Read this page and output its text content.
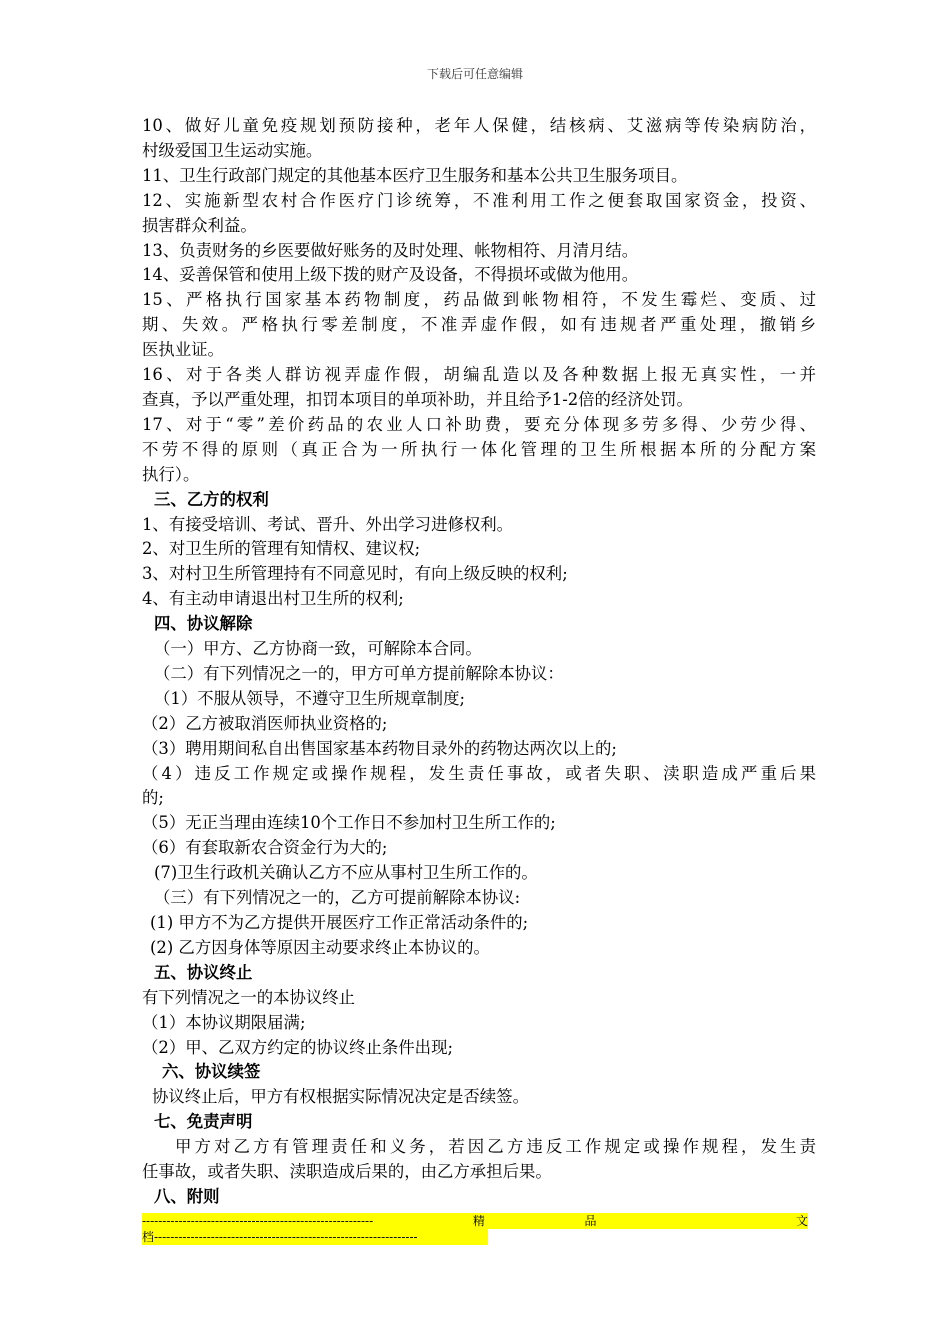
下载后可任意编辑
10、做好儿童免疫规划预防接种，老年人保健，结核病、艾滋病等传染病防治，
村级爱国卫生运动实施。
11、卫生行政部门规定的其他基本医疗卫生服务和基本公共卫生服务项目。
12、实施新型农村合作医疗门诊统筹，不准利用工作之便套取国家资金，投资、
损害群众利益。
13、负责财务的乡医要做好账务的及时处理、帐物相符、月清月结。
14、妥善保管和使用上级下拨的财产及设备，不得损坏或做为他用。
15、严格执行国家基本药物制度，药品做到帐物相符，不发生霉烂、变质、过
期、失效。严格执行零差制度，不准弄虚作假，如有违规者严重处理，撤销乡
医执业证。
16、对于各类人群访视弄虚作假，胡编乱造以及各种数据上报无真实性，一并
查真，予以严重处理，扣罚本项目的单项补助，并且给予1-2倍的经济处罚。
17、对于“零”差价药品的农业人口补助费，要充分体现多劳多得、少劳少得、
不劳不得的原则（真正合为一所执行一体化管理的卫生所根据本所的分配方案
执行）。
三、乙方的权利
1、有接受培训、考试、晋升、外出学习进修权利。
2、对卫生所的管理有知情权、建议权;
3、对村卫生所管理持有不同意见时，有向上级反映的权利;
4、有主动申请退出村卫生所的权利;
四、协议解除
（一）甲方、乙方协商一致，可解除本合同。
（二）有下列情况之一的，甲方可单方提前解除本协议：
（1）不服从领导，不遵守卫生所规章制度;
（2）乙方被取消医师执业资格的;
（3）聘用期间私自出售国家基本药物目录外的药物达两次以上的;
（4）违反工作规定或操作规程，发生责任事故，或者失职、渎职造成严重后果
的;
（5）无正当理由连续10个工作日不参加村卫生所工作的;
（6）有套取新农合资金行为大的;
(7)卫生行政机关确认乙方不应从事村卫生所工作的。
（三）有下列情况之一的，乙方可提前解除本协议:
(1) 甲方不为乙方提供开展医疗工作正常活动条件的;
(2) 乙方因身体等原因主动要求终止本协议的。
五、协议终止
有下列情况之一的本协议终止
（1）本协议期限届满;
（2）甲、乙双方约定的协议终止条件出现;
六、协议续签
协议终止后，甲方有权根据实际情况决定是否续签。
七、免责声明
甲方对乙方有管理责任和义务，若因乙方违反工作规定或操作规程，发生责
任事故，或者失职、渎职造成后果的，由乙方承担后果。
八、附则
---------------------------------------------------------	精	品	文
档-----------------------------------------------------------------
